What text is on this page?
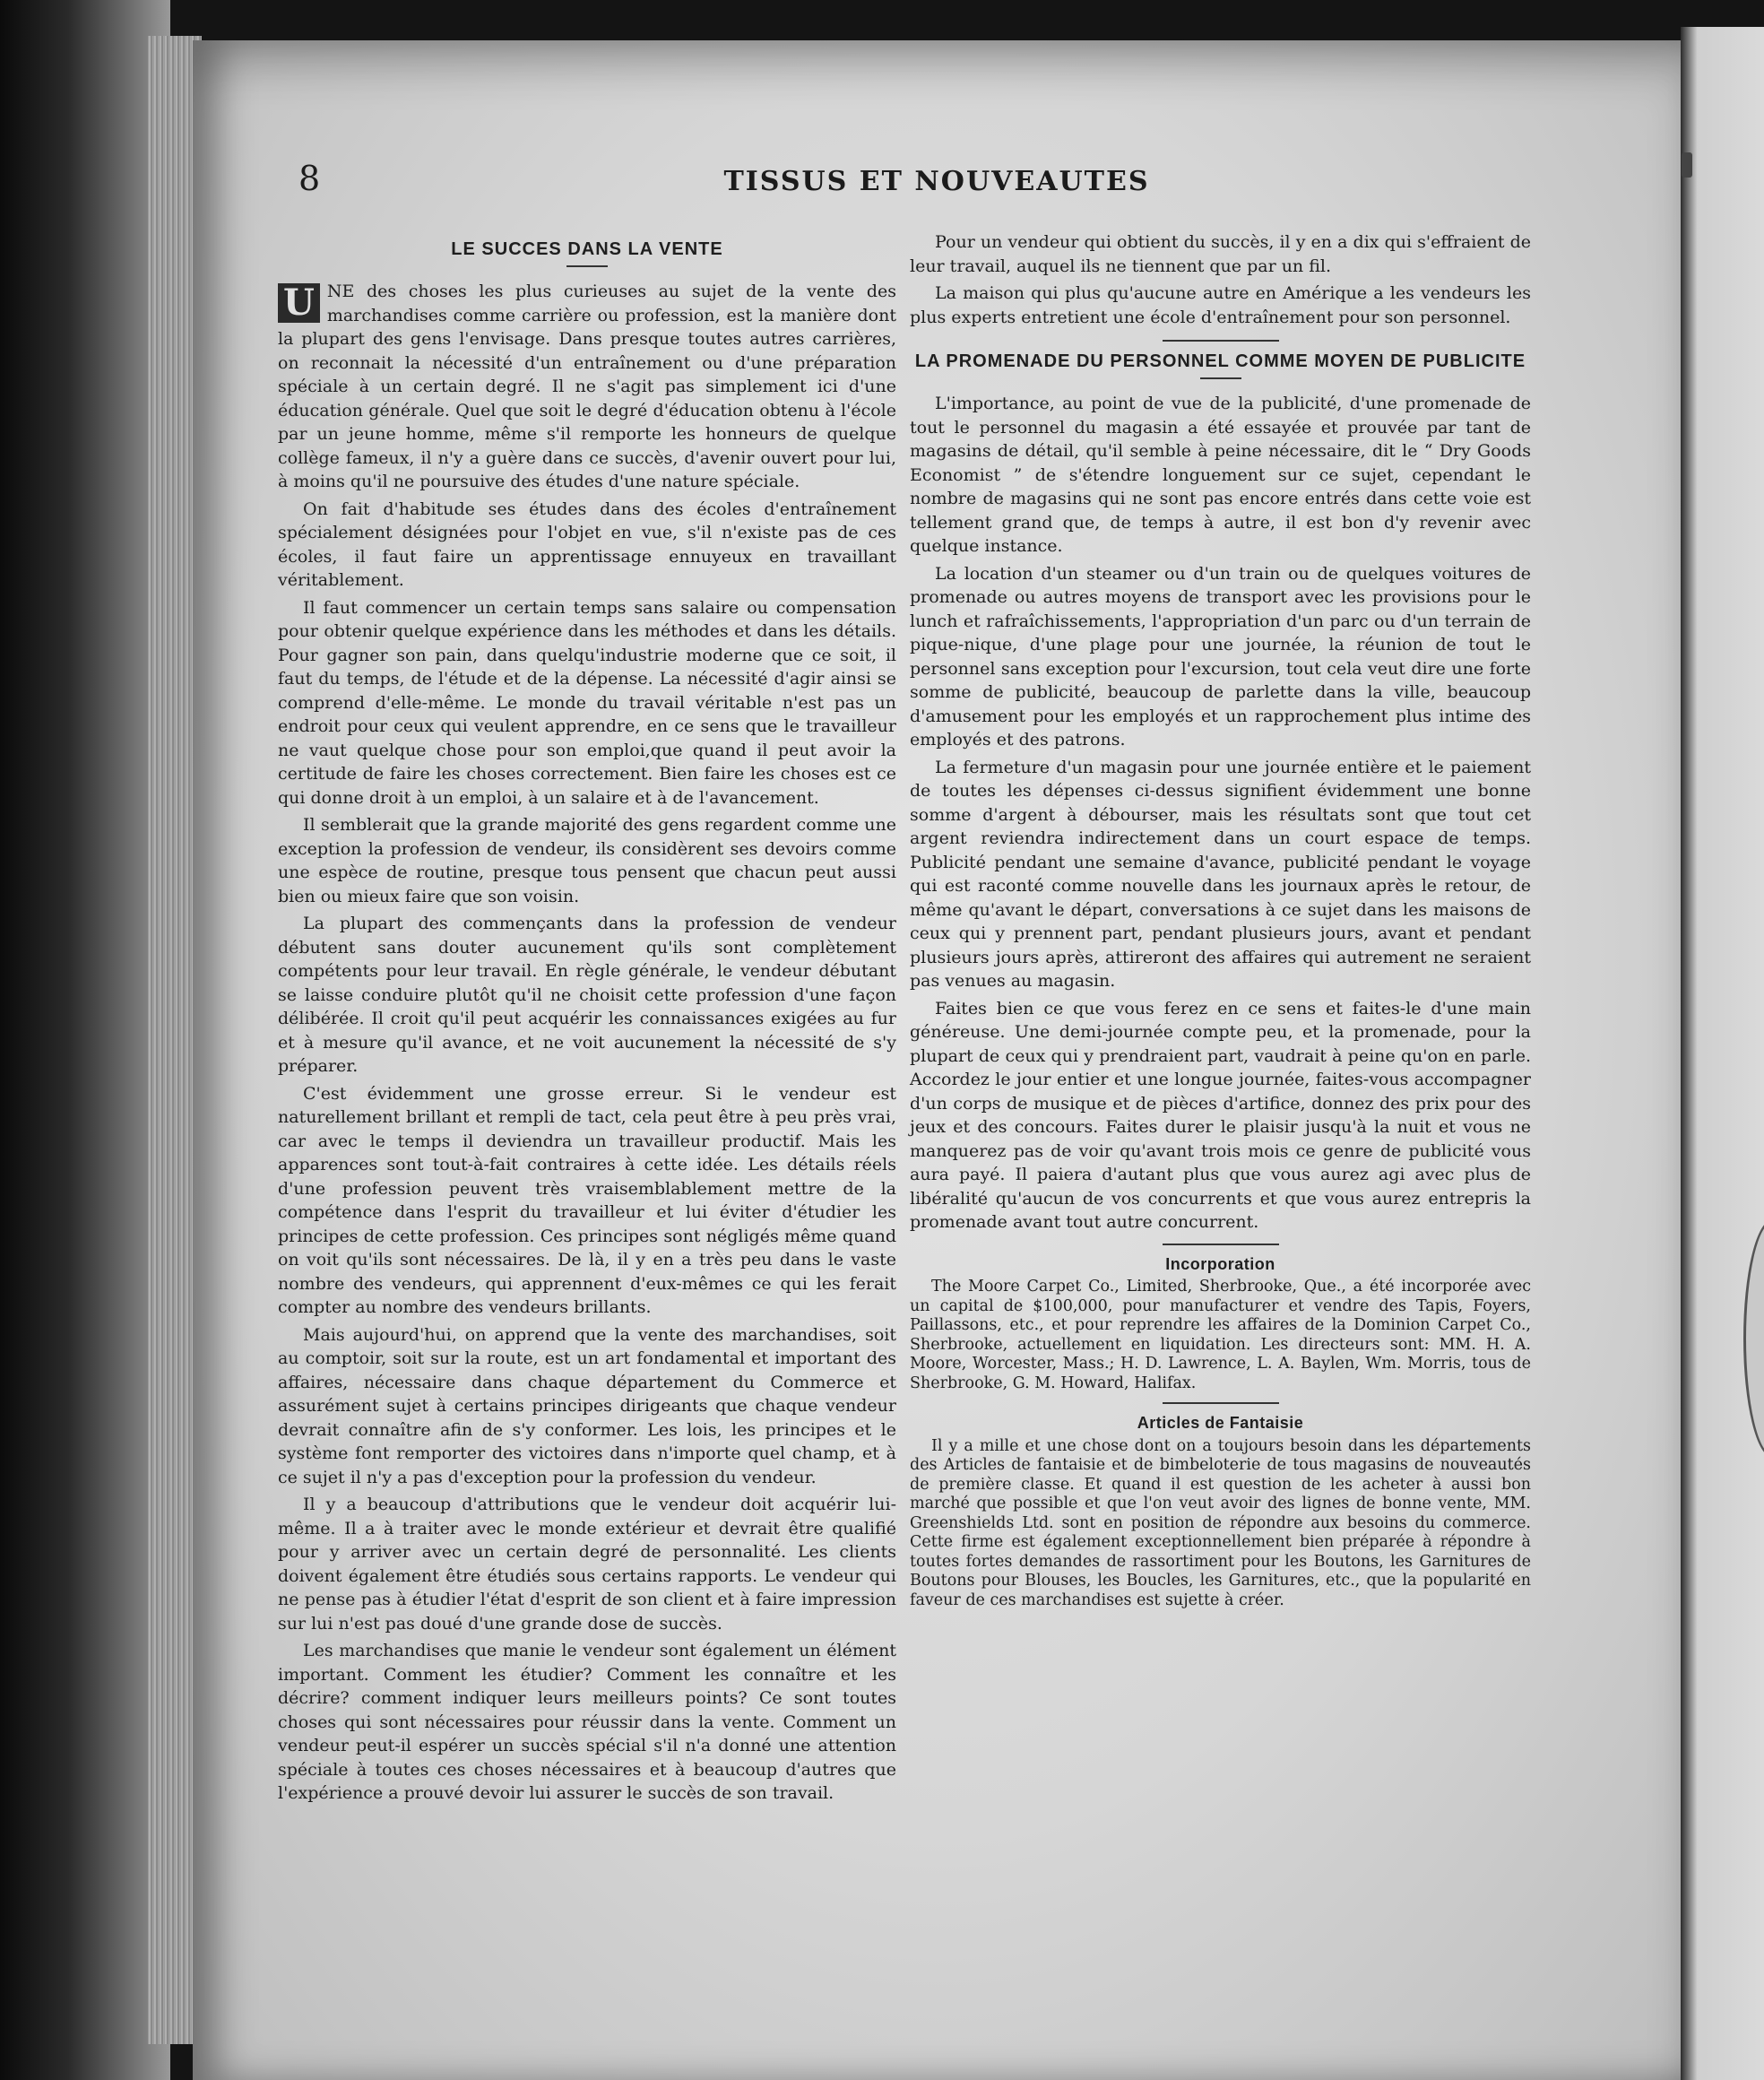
8	TISSUS ET NOUVEAUTES
LE SUCCES DANS LA VENTE

U NE des choses les plus curieuses au sujet de la vente des marchandises comme carrière ou profession, est la manière dont la plupart des gens l'envisage. Dans presque toutes autres carrières, on reconnait la nécessité d'un entraînement ou d'une préparation spéciale à un certain degré. Il ne s'agit pas simplement ici d'une éducation générale. Quel que soit le degré d'éducation obtenu à l'école par un jeune homme, même s'il remporte les honneurs de quelque collège fameux, il n'y a guère dans ce succès, d'avenir ouvert pour lui, à moins qu'il ne poursuive des études d'une nature spéciale.

On fait d'habitude ses études dans des écoles d'entraînement spécialement désignées pour l'objet en vue, s'il n'existe pas de ces écoles, il faut faire un apprentissage ennuyeux en travaillant véritablement.

Il faut commencer un certain temps sans salaire ou compensation pour obtenir quelque expérience dans les méthodes et dans les détails. Pour gagner son pain, dans quelqu'industrie moderne que ce soit, il faut du temps, de l'étude et de la dépense. La nécessité d'agir ainsi se comprend d'elle-même. Le monde du travail véritable n'est pas un endroit pour ceux qui veulent apprendre, en ce sens que le travailleur ne vaut quelque chose pour son emploi,que quand il peut avoir la certitude de faire les choses correctement. Bien faire les choses est ce qui donne droit à un emploi, à un salaire et à de l'avancement.

Il semblerait que la grande majorité des gens regardent comme une exception la profession de vendeur, ils considèrent ses devoirs comme une espèce de routine, presque tous pensent que chacun peut aussi bien ou mieux faire que son voisin.

La plupart des commençants dans la profession de vendeur débutent sans douter aucunement qu'ils sont complètement compétents pour leur travail. En règle générale, le vendeur débutant se laisse conduire plutôt qu'il ne choisit cette profession d'une façon délibérée. Il croit qu'il peut acquérir les connaissances exigées au fur et à mesure qu'il avance, et ne voit aucunement la nécessité de s'y préparer.

C'est évidemment une grosse erreur. Si le vendeur est naturellement brillant et rempli de tact, cela peut être à peu près vrai, car avec le temps il deviendra un travailleur productif. Mais les apparences sont tout-à-fait contraires à cette idée. Les détails réels d'une profession peuvent très vraisemblablement mettre de la compétence dans l'esprit du travailleur et lui éviter d'étudier les principes de cette profession. Ces principes sont négligés même quand on voit qu'ils sont nécessaires. De là, il y en a très peu dans le vaste nombre des vendeurs, qui apprennent d'eux-mêmes ce qui les ferait compter au nombre des vendeurs brillants.

Mais aujourd'hui, on apprend que la vente des marchandises, soit au comptoir, soit sur la route, est un art fondamental et important des affaires, nécessaire dans chaque département du Commerce et assurément sujet à certains principes dirigeants que chaque vendeur devrait connaître afin de s'y conformer. Les lois, les principes et le système font remporter des victoires dans n'importe quel champ, et à ce sujet il n'y a pas d'exception pour la profession du vendeur.

Il y a beaucoup d'attributions que le vendeur doit acquérir lui-même. Il a à traiter avec le monde extérieur et devrait être qualifié pour y arriver avec un certain degré de personnalité. Les clients doivent également être étudiés sous certains rapports. Le vendeur qui ne pense pas à étudier l'état d'esprit de son client et à faire impression sur lui n'est pas doué d'une grande dose de succès.

Les marchandises que manie le vendeur sont également un élément important. Comment les étudier? Comment les connaître et les décrire? comment indiquer leurs meilleurs points? Ce sont toutes choses qui sont nécessaires pour réussir dans la vente. Comment un vendeur peut-il espérer un succès spécial s'il n'a donné une attention spéciale à toutes ces choses nécessaires et à beaucoup d'autres que l'expérience a prouvé devoir lui assurer le succès de son travail.

Pour un vendeur qui obtient du succès, il y en a dix qui s'effraient de leur travail, auquel ils ne tiennent que par un fil.

La maison qui plus qu'aucune autre en Amérique a les vendeurs les plus experts entretient une école d'entraînement pour son personnel.

LA PROMENADE DU PERSONNEL COMME MOYEN DE PUBLICITE

L'importance, au point de vue de la publicité, d'une promenade de tout le personnel du magasin a été essayée et prouvée par tant de magasins de détail, qu'il semble à peine nécessaire, dit le “ Dry Goods Economist ” de s'étendre longuement sur ce sujet, cependant le nombre de magasins qui ne sont pas encore entrés dans cette voie est tellement grand que, de temps à autre, il est bon d'y revenir avec quelque instance.

La location d'un steamer ou d'un train ou de quelques voitures de promenade ou autres moyens de transport avec les provisions pour le lunch et rafraîchissements, l'appropriation d'un parc ou d'un terrain de pique-nique, d'une plage pour une journée, la réunion de tout le personnel sans exception pour l'excursion, tout cela veut dire une forte somme de publicité, beaucoup de parlette dans la ville, beaucoup d'amusement pour les employés et un rapprochement plus intime des employés et des patrons.

La fermeture d'un magasin pour une journée entière et le paiement de toutes les dépenses ci-dessus signifient évidemment une bonne somme d'argent à débourser, mais les résultats sont que tout cet argent reviendra indirectement dans un court espace de temps. Publicité pendant une semaine d'avance, publicité pendant le voyage qui est raconté comme nouvelle dans les journaux après le retour, de même qu'avant le départ, conversations à ce sujet dans les maisons de ceux qui y prennent part, pendant plusieurs jours, avant et pendant plusieurs jours après, attireront des affaires qui autrement ne seraient pas venues au magasin.

Faites bien ce que vous ferez en ce sens et faites-le d'une main généreuse. Une demi-journée compte peu, et la promenade, pour la plupart de ceux qui y prendraient part, vaudrait à peine qu'on en parle. Accordez le jour entier et une longue journée, faites-vous accompagner d'un corps de musique et de pièces d'artifice, donnez des prix pour des jeux et des concours. Faites durer le plaisir jusqu'à la nuit et vous ne manquerez pas de voir qu'avant trois mois ce genre de publicité vous aura payé. Il paiera d'autant plus que vous aurez agi avec plus de libéralité qu'aucun de vos concurrents et que vous aurez entrepris la promenade avant tout autre concurrent.

Incorporation

The Moore Carpet Co., Limited, Sherbrooke, Que., a été incorporée avec un capital de $100,000, pour manufacturer et vendre des Tapis, Foyers, Paillassons, etc., et pour reprendre les affaires de la Dominion Carpet Co., Sherbrooke, actuellement en liquidation. Les directeurs sont: MM. H. A. Moore, Worcester, Mass.; H. D. Lawrence, L. A. Baylen, Wm. Morris, tous de Sherbrooke, G. M. Howard, Halifax.

Articles de Fantaisie

Il y a mille et une chose dont on a toujours besoin dans les départements des Articles de fantaisie et de bimbeloterie de tous magasins de nouveautés de première classe. Et quand il est question de les acheter à aussi bon marché que possible et que l'on veut avoir des lignes de bonne vente, MM. Greenshields Ltd. sont en position de répondre aux besoins du commerce. Cette firme est également exceptionnellement bien préparée à répondre à toutes fortes demandes de rassortiment pour les Boutons, les Garnitures de Boutons pour Blouses, les Boucles, les Garnitures, etc., que la popularité en faveur de ces marchandises est sujette à créer.
